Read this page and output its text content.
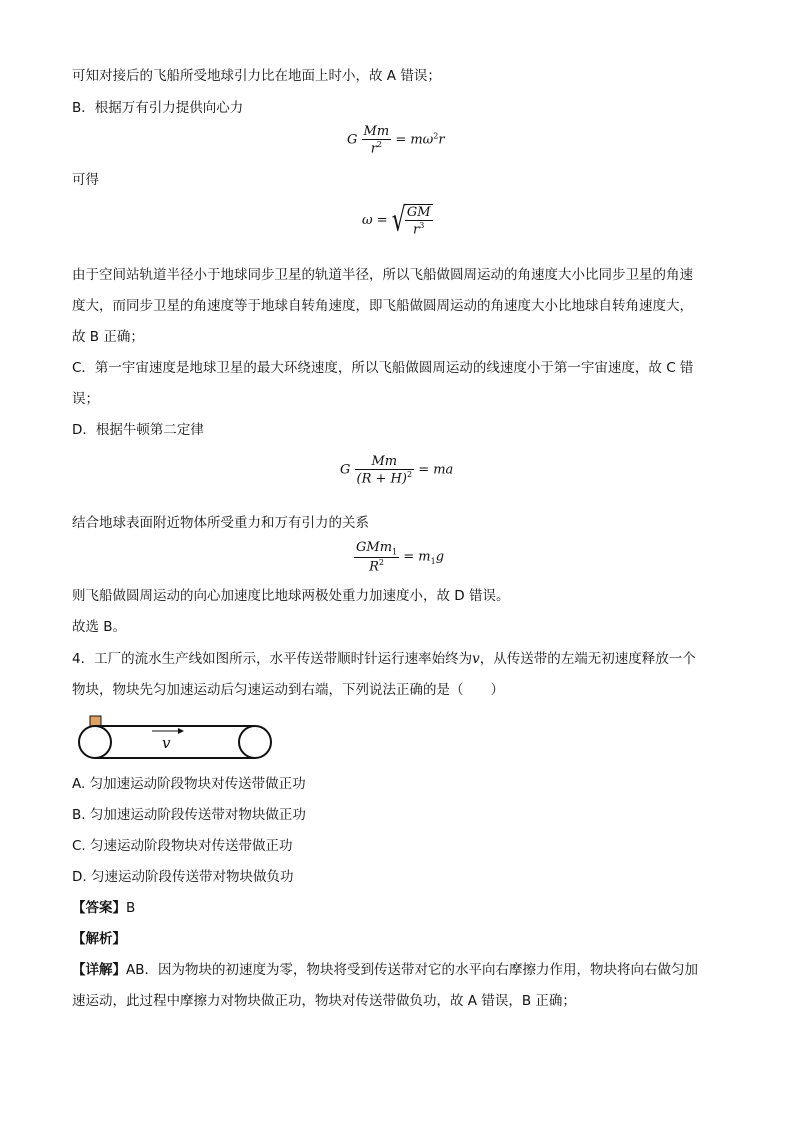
可知对接后的飞船所受地球引力比在地面上时小，故 A 错误；
B．根据万有引力提供向心力
G $\frac{Mm}{r^2} = m\omega^2r$
可得
ω = √ $\frac{GM}{r^3}$
由于空间站轨道半径小于地球同步卫星的轨道半径，所以飞船做圆周运动的角速度大小比同步卫星的角速
度大，而同步卫星的角速度等于地球自转角速度，即飞船做圆周运动的角速度大小比地球自转角速度大，
故 B 正确；
C．第一宇宙速度是地球卫星的最大环绕速度，所以飞船做圆周运动的线速度小于第一宇宙速度，故 C 错
误；
D．根据牛顿第二定律
G $\frac{Mm}{(R + H)^2}$ = ma
结合地球表面附近物体所受重力和万有引力的关系
$\frac{GMm_1}{R^2} = m_1g$
则飞船做圆周运动的向心加速度比地球两极处重力加速度小，故 D 错误。
故选 B。
4．工厂的流水生产线如图所示，水平传送带顺时针运行速率始终为v，从传送带的左端无初速度释放一个
物块，物块先匀加速运动后匀速运动到右端，下列说法正确的是（　　）
v
A. 匀加速运动阶段物块对传送带做正功
B. 匀加速运动阶段传送带对物块做正功
C. 匀速运动阶段物块对传送带做正功
D. 匀速运动阶段传送带对物块做负功
【答案】B
【解析】
【详解】AB．因为物块的初速度为零，物块将受到传送带对它的水平向右摩擦力作用，物块将向右做匀加
速运动，此过程中摩擦力对物块做正功，物块对传送带做负功，故 A 错误，B 正确；
